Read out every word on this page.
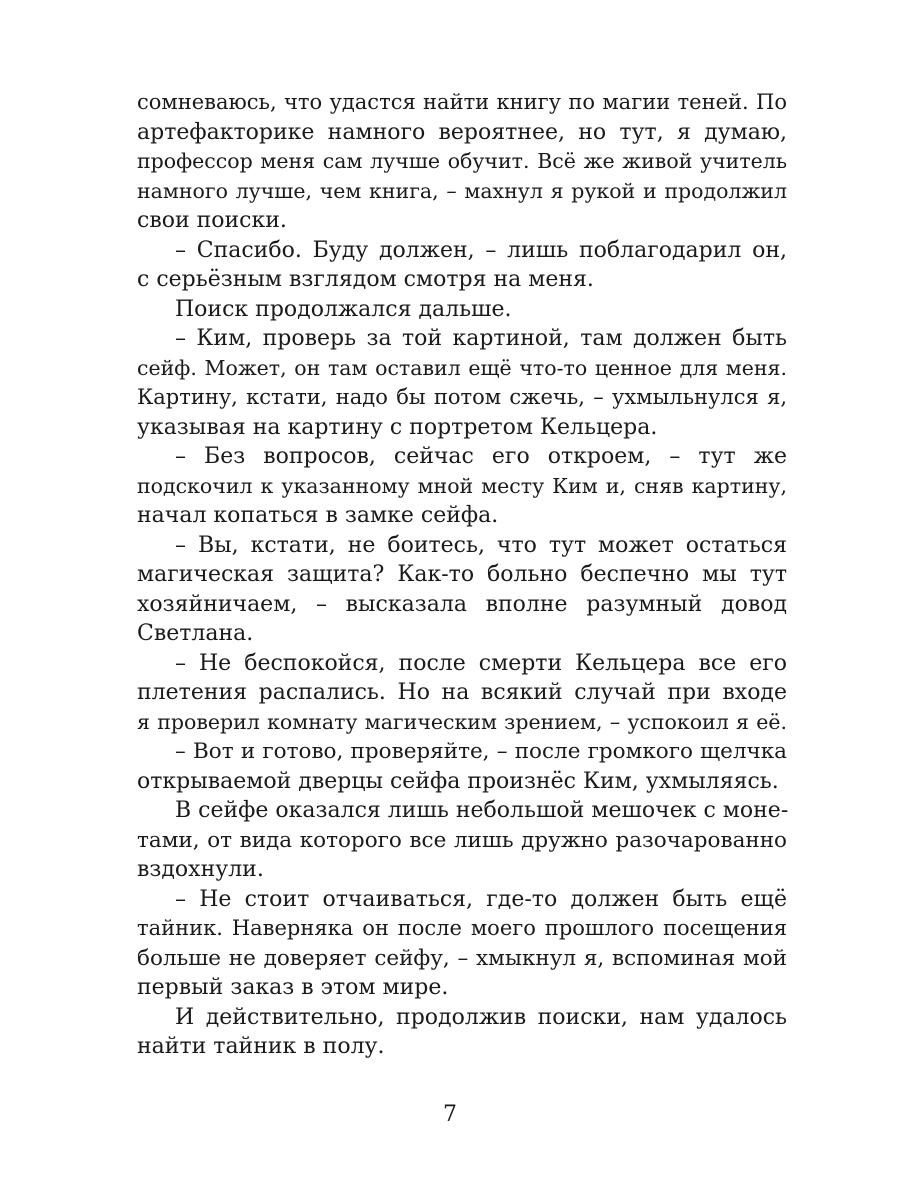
сомневаюсь, что удастся найти книгу по магии теней. По
артефакторике намного вероятнее, но тут, я думаю,
профессор меня сам лучше обучит. Всё же живой учитель
намного лучше, чем книга, – махнул я рукой и продолжил
свои поиски.
– Спасибо. Буду должен, – лишь поблагодарил он,
с серьёзным взглядом смотря на меня.
Поиск продолжался дальше.
– Ким, проверь за той картиной, там должен быть
сейф. Может, он там оставил ещё что-то ценное для меня.
Картину, кстати, надо бы потом сжечь, – ухмыльнулся я,
указывая на картину с портретом Кельцера.
– Без вопросов, сейчас его откроем, – тут же
подскочил к указанному мной месту Ким и, сняв картину,
начал копаться в замке сейфа.
– Вы, кстати, не боитесь, что тут может остаться
магическая защита? Как-то больно беспечно мы тут
хозяйничаем, – высказала вполне разумный довод
Светлана.
– Не беспокойся, после смерти Кельцера все его
плетения распались. Но на всякий случай при входе
я проверил комнату магическим зрением, – успокоил я её.
– Вот и готово, проверяйте, – после громкого щелчка
открываемой дверцы сейфа произнёс Ким, ухмыляясь.
В сейфе оказался лишь небольшой мешочек с моне-
тами, от вида которого все лишь дружно разочарованно
вздохнули.
– Не стоит отчаиваться, где-то должен быть ещё
тайник. Наверняка он после моего прошлого посещения
больше не доверяет сейфу, – хмыкнул я, вспоминая мой
первый заказ в этом мире.
И действительно, продолжив поиски, нам удалось
найти тайник в полу.
7
